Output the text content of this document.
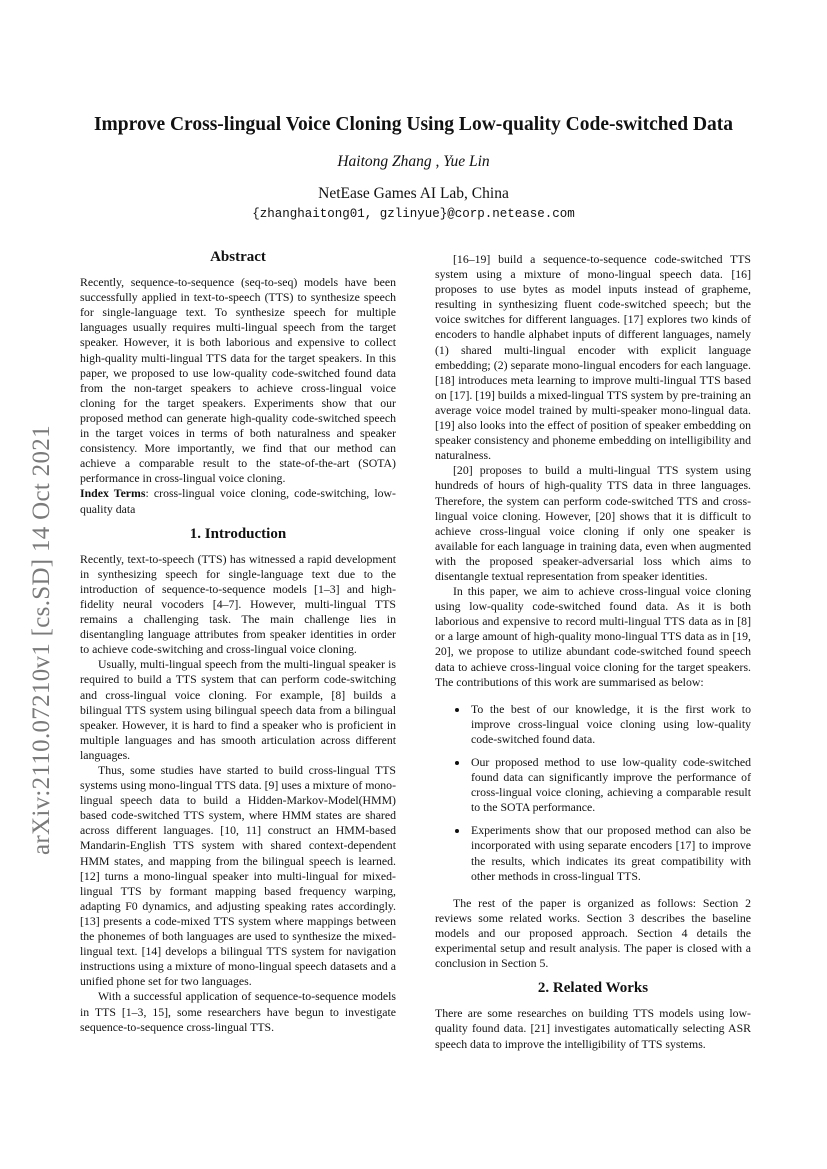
arXiv:2110.07210v1 [cs.SD] 14 Oct 2021
Improve Cross-lingual Voice Cloning Using Low-quality Code-switched Data
Haitong Zhang , Yue Lin
NetEase Games AI Lab, China
{zhanghaitong01, gzlinyue}@corp.netease.com
Abstract

Recently, sequence-to-sequence (seq-to-seq) models have been successfully applied in text-to-speech (TTS) to synthesize speech for single-language text. To synthesize speech for multiple languages usually requires multi-lingual speech from the target speaker. However, it is both laborious and expensive to collect high-quality multi-lingual TTS data for the target speakers. In this paper, we proposed to use low-quality code-switched found data from the non-target speakers to achieve cross-lingual voice cloning for the target speakers. Experiments show that our proposed method can generate high-quality code-switched speech in the target voices in terms of both naturalness and speaker consistency. More importantly, we find that our method can achieve a comparable result to the state-of-the-art (SOTA) performance in cross-lingual voice cloning.

Index Terms: cross-lingual voice cloning, code-switching, low-quality data

1. Introduction

Recently, text-to-speech (TTS) has witnessed a rapid development in synthesizing speech for single-language text due to the introduction of sequence-to-sequence models [1–3] and high-fidelity neural vocoders [4–7]. However, multi-lingual TTS remains a challenging task. The main challenge lies in disentangling language attributes from speaker identities in order to achieve code-switching and cross-lingual voice cloning.

Usually, multi-lingual speech from the multi-lingual speaker is required to build a TTS system that can perform code-switching and cross-lingual voice cloning. For example, [8] builds a bilingual TTS system using bilingual speech data from a bilingual speaker. However, it is hard to find a speaker who is proficient in multiple languages and has smooth articulation across different languages.

Thus, some studies have started to build cross-lingual TTS systems using mono-lingual TTS data. [9] uses a mixture of mono-lingual speech data to build a Hidden-Markov-Model(HMM) based code-switched TTS system, where HMM states are shared across different languages. [10, 11] construct an HMM-based Mandarin-English TTS system with shared context-dependent HMM states, and mapping from the bilingual speech is learned. [12] turns a mono-lingual speaker into multi-lingual for mixed-lingual TTS by formant mapping based frequency warping, adapting F0 dynamics, and adjusting speaking rates accordingly. [13] presents a code-mixed TTS system where mappings between the phonemes of both languages are used to synthesize the mixed-lingual text. [14] develops a bilingual TTS system for navigation instructions using a mixture of mono-lingual speech datasets and a unified phone set for two languages.

With a successful application of sequence-to-sequence models in TTS [1–3, 15], some researchers have begun to investigate sequence-to-sequence cross-lingual TTS.

[16–19] build a sequence-to-sequence code-switched TTS system using a mixture of mono-lingual speech data. [16] proposes to use bytes as model inputs instead of grapheme, resulting in synthesizing fluent code-switched speech; but the voice switches for different languages. [17] explores two kinds of encoders to handle alphabet inputs of different languages, namely (1) shared multi-lingual encoder with explicit language embedding; (2) separate mono-lingual encoders for each language. [18] introduces meta learning to improve multi-lingual TTS based on [17]. [19] builds a mixed-lingual TTS system by pre-training an average voice model trained by multi-speaker mono-lingual data. [19] also looks into the effect of position of speaker embedding on speaker consistency and phoneme embedding on intelligibility and naturalness.

[20] proposes to build a multi-lingual TTS system using hundreds of hours of high-quality TTS data in three languages. Therefore, the system can perform code-switched TTS and cross-lingual voice cloning. However, [20] shows that it is difficult to achieve cross-lingual voice cloning if only one speaker is available for each language in training data, even when augmented with the proposed speaker-adversarial loss which aims to disentangle textual representation from speaker identities.

In this paper, we aim to achieve cross-lingual voice cloning using low-quality code-switched found data. As it is both laborious and expensive to record multi-lingual TTS data as in [8] or a large amount of high-quality mono-lingual TTS data as in [19, 20], we propose to utilize abundant code-switched found speech data to achieve cross-lingual voice cloning for the target speakers. The contributions of this work are summarised as below:

• To the best of our knowledge, it is the first work to improve cross-lingual voice cloning using low-quality code-switched found data.
• Our proposed method to use low-quality code-switched found data can significantly improve the performance of cross-lingual voice cloning, achieving a comparable result to the SOTA performance.
• Experiments show that our proposed method can also be incorporated with using separate encoders [17] to improve the results, which indicates its great compatibility with other methods in cross-lingual TTS.

The rest of the paper is organized as follows: Section 2 reviews some related works. Section 3 describes the baseline models and our proposed approach. Section 4 details the experimental setup and result analysis. The paper is closed with a conclusion in Section 5.

2. Related Works

There are some researches on building TTS models using low-quality found data. [21] investigates automatically selecting ASR speech data to improve the intelligibility of TTS systems.
